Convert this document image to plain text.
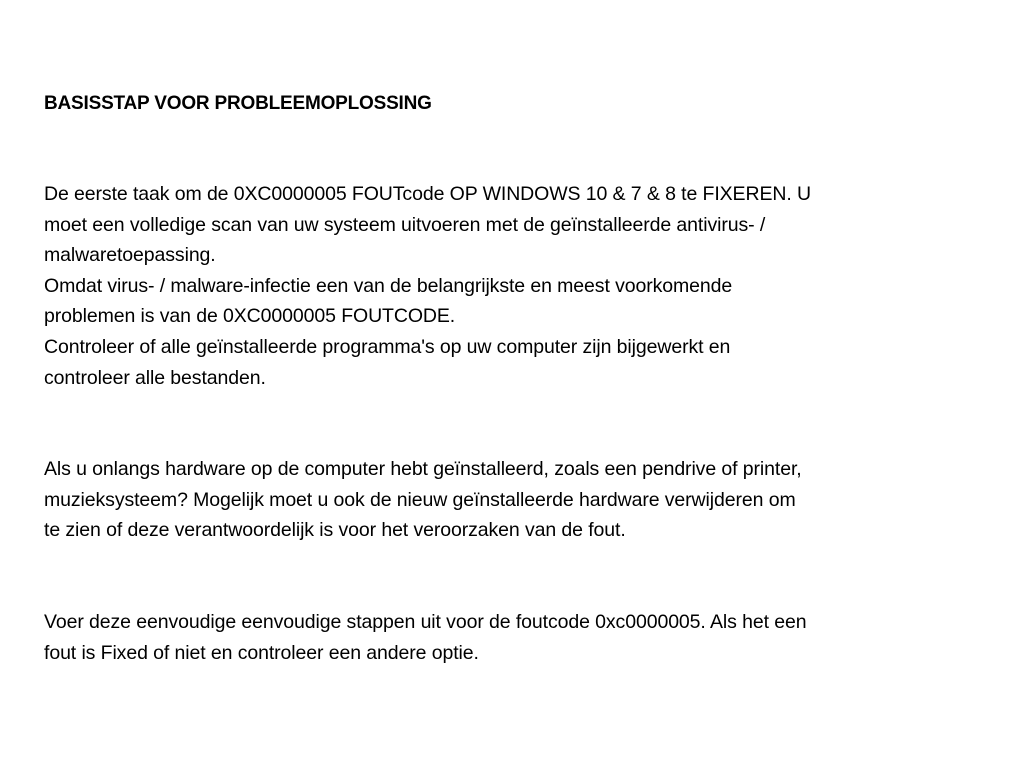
BASISSTAP VOOR PROBLEEMOPLOSSING
De eerste taak om de 0XC0000005 FOUTcode OP WINDOWS 10 & 7 & 8 te FIXEREN. U
moet een volledige scan van uw systeem uitvoeren met de geïnstalleerde antivirus- /
malwaretoepassing.
Omdat virus- / malware-infectie een van de belangrijkste en meest voorkomende
problemen is van de 0XC0000005 FOUTCODE.
Controleer of alle geïnstalleerde programma's op uw computer zijn bijgewerkt en
controleer alle bestanden.
Als u onlangs hardware op de computer hebt geïnstalleerd, zoals een pendrive of printer,
muzieksysteem? Mogelijk moet u ook de nieuw geïnstalleerde hardware verwijderen om
te zien of deze verantwoordelijk is voor het veroorzaken van de fout.
Voer deze eenvoudige eenvoudige stappen uit voor de foutcode 0xc0000005. Als het een
fout is Fixed of niet en controleer een andere optie.
